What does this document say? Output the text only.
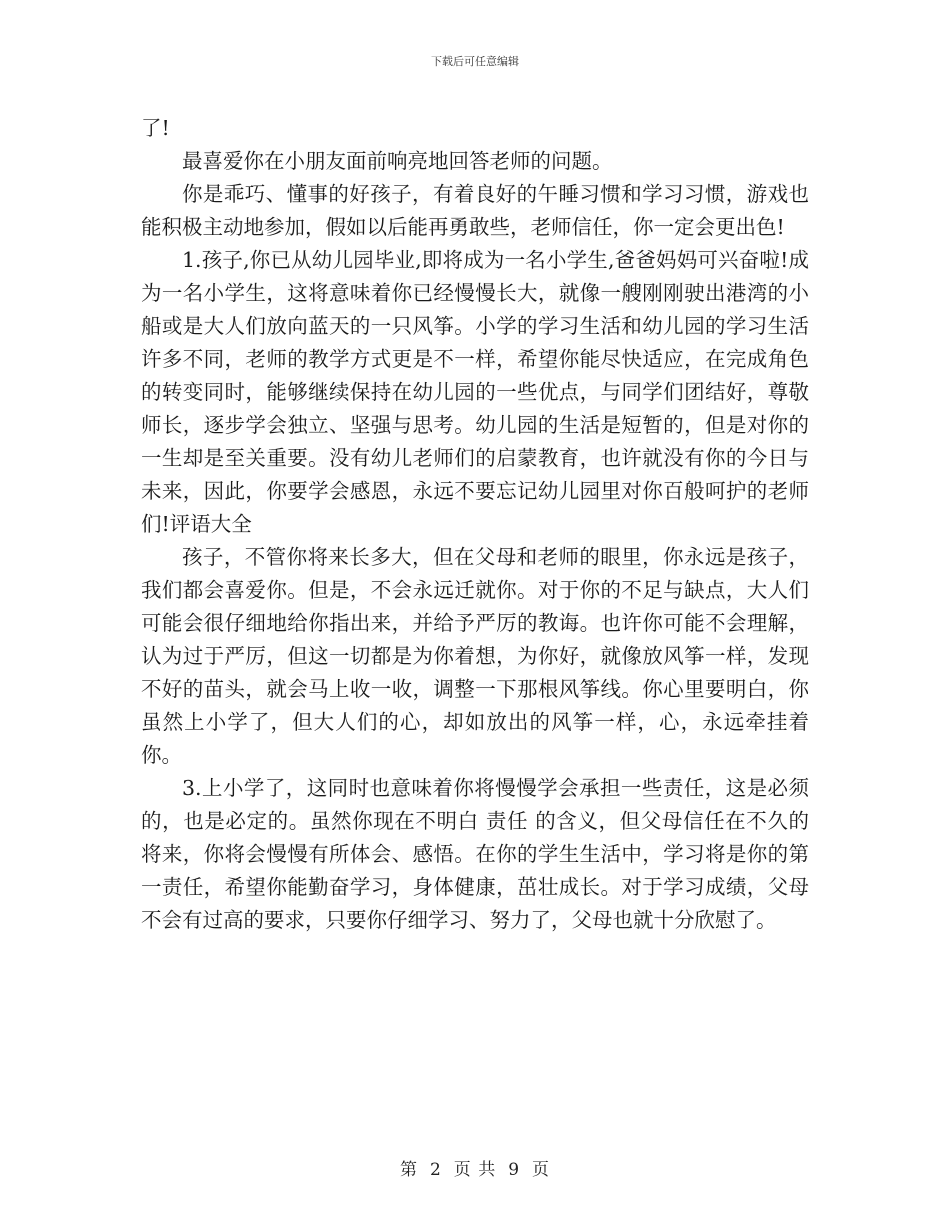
下载后可任意编辑

了!

最喜爱你在小朋友面前响亮地回答老师的问题。

你是乖巧、懂事的好孩子，有着良好的午睡习惯和学习习惯，游戏也能积极主动地参加，假如以后能再勇敢些，老师信任，你一定会更出色!

1.孩子,你已从幼儿园毕业,即将成为一名小学生,爸爸妈妈可兴奋啦!成为一名小学生，这将意味着你已经慢慢长大，就像一艘刚刚驶出港湾的小船或是大人们放向蓝天的一只风筝。小学的学习生活和幼儿园的学习生活许多不同，老师的教学方式更是不一样，希望你能尽快适应，在完成角色的转变同时，能够继续保持在幼儿园的一些优点，与同学们团结好，尊敬师长，逐步学会独立、坚强与思考。幼儿园的生活是短暂的，但是对你的一生却是至关重要。没有幼儿老师们的启蒙教育，也许就没有你的今日与未来，因此，你要学会感恩，永远不要忘记幼儿园里对你百般呵护的老师们!评语大全

孩子，不管你将来长多大，但在父母和老师的眼里，你永远是孩子，我们都会喜爱你。但是，不会永远迁就你。对于你的不足与缺点，大人们可能会很仔细地给你指出来，并给予严厉的教诲。也许你可能不会理解，认为过于严厉，但这一切都是为你着想，为你好，就像放风筝一样，发现不好的苗头，就会马上收一收，调整一下那根风筝线。你心里要明白，你虽然上小学了，但大人们的心，却如放出的风筝一样，心，永远牵挂着你。

3.上小学了，这同时也意味着你将慢慢学会承担一些责任，这是必须的，也是必定的。虽然你现在不明白 责任 的含义，但父母信任在不久的将来，你将会慢慢有所体会、感悟。在你的学生生活中，学习将是你的第一责任，希望你能勤奋学习，身体健康，茁壮成长。对于学习成绩，父母不会有过高的要求，只要你仔细学习、努力了，父母也就十分欣慰了。

第 2 页 共 9 页
